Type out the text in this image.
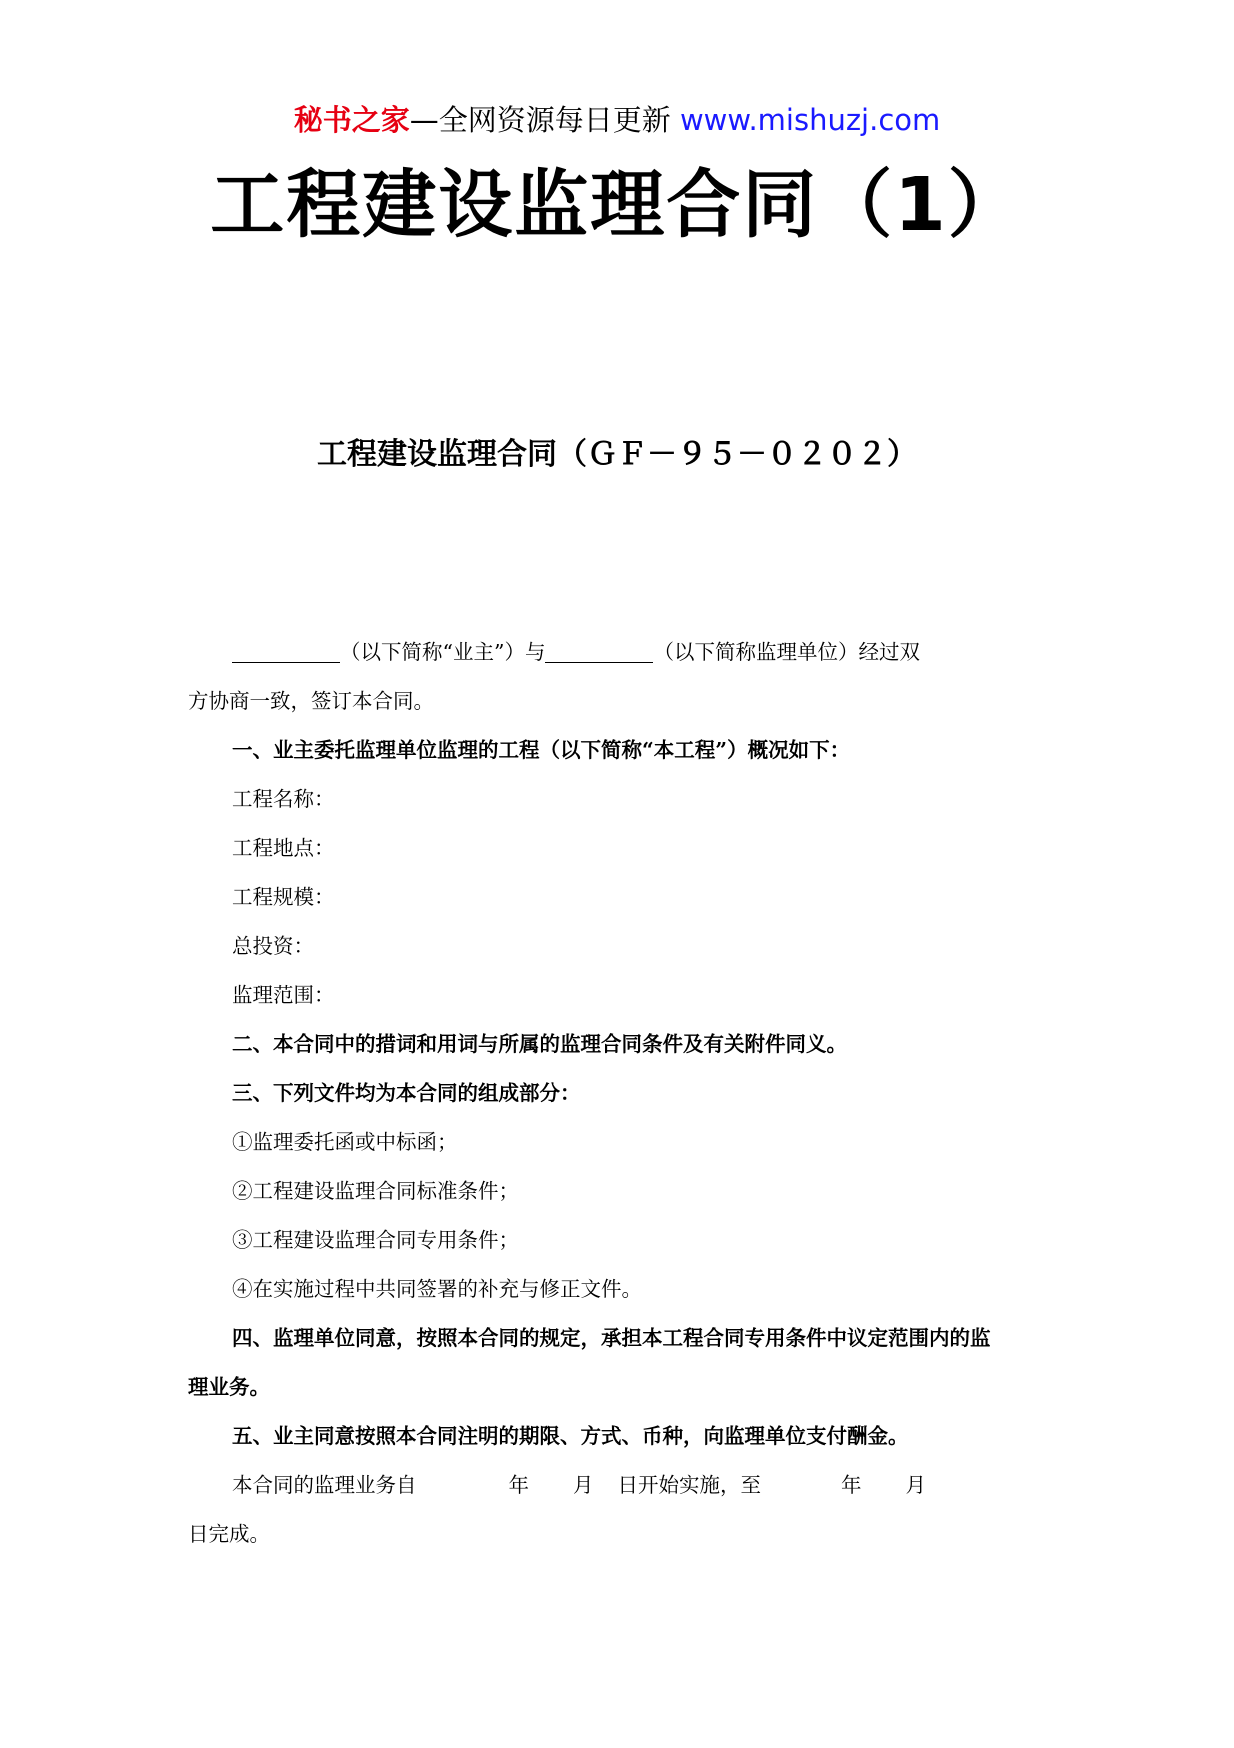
秘书之家—全网资源每日更新 www.mishuzj.com
工程建设监理合同（1）
工程建设监理合同（ＧＦ－９５－０２０２）
（以下简称“业主”）与	（以下简称监理单位）经过双
方协商一致，签订本合同。
一、业主委托监理单位监理的工程（以下简称“本工程”）概况如下：
工程名称：
工程地点：
工程规模：
总投资：
监理范围：
二、本合同中的措词和用词与所属的监理合同条件及有关附件同义。
三、下列文件均为本合同的组成部分：
①监理委托函或中标函；
②工程建设监理合同标准条件；
③工程建设监理合同专用条件；
④在实施过程中共同签署的补充与修正文件。
四、监理单位同意，按照本合同的规定，承担本工程合同专用条件中议定范围内的监
理业务。
五、业主同意按照本合同注明的期限、方式、币种，向监理单位支付酬金。
本合同的监理业务自	年 月 日开始实施，至	年 月
日完成。
